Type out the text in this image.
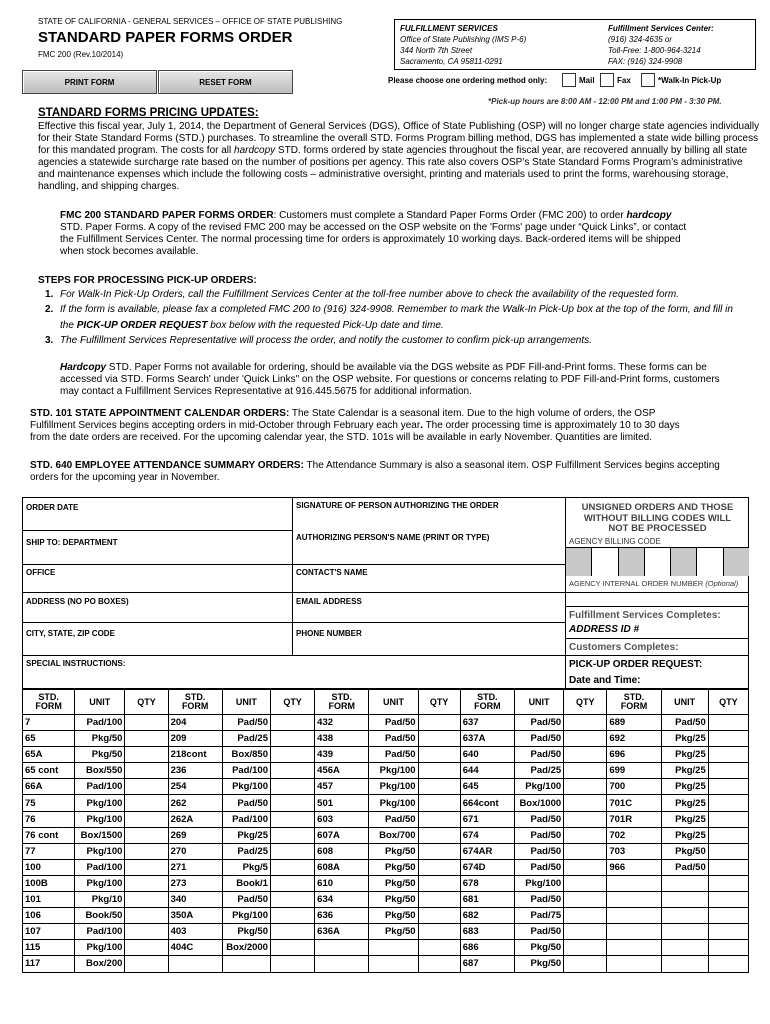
STATE OF CALIFORNIA - GENERAL SERVICES – OFFICE OF STATE PUBLISHING
STANDARD PAPER FORMS ORDER
FMC 200 (Rev.10/2014)
PRINT FORM	RESET FORM
FULFILLMENT SERVICES
Office of State Publishing (IMS P-6)
344 North 7th Street
Sacramento, CA 95811-0291
Fulfillment Services Center:
(916) 324-4635 or
Toll-Free: 1-800-964-3214
FAX: (916) 324-9908
Please choose one ordering method only:	Mail	Fax	*Walk-In Pick-Up
*Pick-up hours are 8:00 AM - 12:00 PM and 1:00 PM - 3:30 PM.
STANDARD FORMS PRICING UPDATES:
Effective this fiscal year, July 1, 2014, the Department of General Services (DGS), Office of State Publishing (OSP) will no longer charge state agencies individually
for their State Standard Forms (STD.) purchases. To streamline the overall STD. Forms Program billing method, DGS has implemented a state wide billing process
for this mandated program. The costs for all hardcopy STD. forms ordered by state agencies throughout the fiscal year, are recovered annually by billing all state
agencies a statewide surcharge rate based on the number of positions per agency. This rate also covers OSP’s State Standard Forms Program’s administrative
and maintenance expenses which include the following costs – administrative oversight, printing and materials used to print the forms, warehousing storage,
handling, and shipping charges.
FMC 200 STANDARD PAPER FORMS ORDER: Customers must complete a Standard Paper Forms Order (FMC 200) to order hardcopy
STD. Paper Forms. A copy of the revised FMC 200 may be accessed on the OSP website on the 'Forms' page under “Quick Links”, or contact
the Fulfillment Services Center. The normal processing time for orders is approximately 10 working days. Back-ordered items will be shipped
when stock becomes available.
STEPS FOR PROCESSING PICK-UP ORDERS:
1. For Walk-In Pick-Up Orders, call the Fulfillment Services Center at the toll-free number above to check the availability of the requested form.
2. If the form is available, please fax a completed FMC 200 to (916) 324-9908. Remember to mark the Walk-In Pick-Up box at the top of the form, and fill in
the PICK-UP ORDER REQUEST box below with the requested Pick-Up date and time.
3. The Fulfillment Services Representative will process the order, and notify the customer to confirm pick-up arrangements.
Hardcopy STD. Paper Forms not available for ordering, should be available via the DGS website as PDF Fill-and-Print forms. These forms can be
accessed via STD. Forms Search' under 'Quick Links" on the OSP website. For questions or concerns relating to PDF Fill-and-Print forms, customers
may contact a Fulfillment Services Representative at 916.445.5675 for additional information.
STD. 101 STATE APPOINTMENT CALENDAR ORDERS: The State Calendar is a seasonal item. Due to the high volume of orders, the OSP
Fulfillment Services begins accepting orders in mid-October through February each year. The order processing time is approximately 10 to 30 days
from the date orders are received. For the upcoming calendar year, the STD. 101s will be available in early November. Quantities are limited.
STD. 640 EMPLOYEE ATTENDANCE SUMMARY ORDERS: The Attendance Summary is also a seasonal item. OSP Fulfillment Services begins accepting
orders for the upcoming year in November.
ORDER DATE	SIGNATURE OF PERSON AUTHORIZING THE ORDER
AUTHORIZING PERSON'S NAME (PRINT OR TYPE)
SHIP TO: DEPARTMENT
OFFICE	CONTACT'S NAME
ADDRESS (NO PO BOXES)	EMAIL ADDRESS
CITY, STATE, ZIP CODE	PHONE NUMBER
SPECIAL INSTRUCTIONS:
UNSIGNED ORDERS AND THOSE
WITHOUT BILLING CODES WILL
NOT BE PROCESSED
AGENCY BILLING CODE
AGENCY INTERNAL ORDER NUMBER (Optional)
Fulfillment Services Completes:
ADDRESS ID #
Customers Completes:
PICK-UP ORDER REQUEST:
Date and Time:
STD. FORM	UNIT	QTY	STD. FORM	UNIT	QTY	STD. FORM	UNIT	QTY	STD. FORM	UNIT	QTY	STD. FORM	UNIT	QTY
7	Pad/100		204	Pad/50		432	Pad/50		637	Pad/50		689	Pad/50	
65	Pkg/50		209	Pad/25		438	Pad/50		637A	Pad/50		692	Pkg/25	
65A	Pkg/50		218cont	Box/850		439	Pad/50		640	Pad/50		696	Pkg/25	
65 cont	Box/550		236	Pad/100		456A	Pkg/100		644	Pad/25		699	Pkg/25	
66A	Pad/100		254	Pkg/100		457	Pkg/100		645	Pkg/100		700	Pkg/25	
75	Pkg/100		262	Pad/50		501	Pkg/100		664cont	Box/1000		701C	Pkg/25	
76	Pkg/100		262A	Pad/100		603	Pad/50		671	Pad/50		701R	Pkg/25	
76 cont	Box/1500		269	Pkg/25		607A	Box/700		674	Pad/50		702	Pkg/25	
77	Pkg/100		270	Pad/25		608	Pkg/50		674AR	Pad/50		703	Pkg/50	
100	Pad/100		271	Pkg/5		608A	Pkg/50		674D	Pad/50		966	Pad/50	
100B	Pkg/100		273	Book/1		610	Pkg/50		678	Pkg/100				
101	Pkg/10		340	Pad/50		634	Pkg/50		681	Pad/50				
106	Book/50		350A	Pkg/100		636	Pkg/50		682	Pad/75				
107	Pad/100		403	Pkg/50		636A	Pkg/50		683	Pad/50				
115	Pkg/100		404C	Box/2000					686	Pkg/50				
117	Box/200								687	Pkg/50				
